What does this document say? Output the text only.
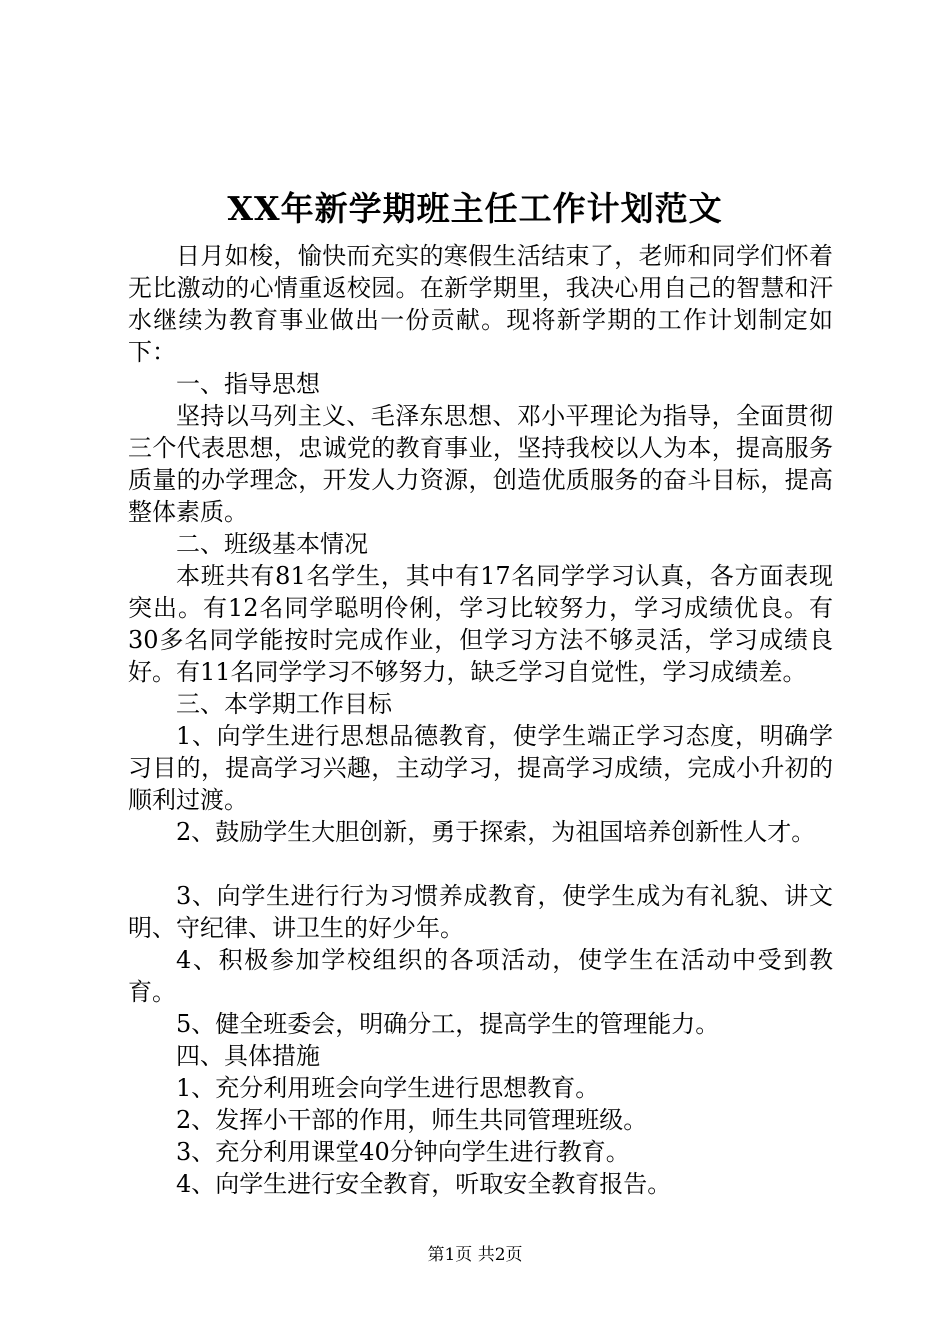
XX年新学期班主任工作计划范文

日月如梭，愉快而充实的寒假生活结束了，老师和同学们怀着无比激动的心情重返校园。在新学期里，我决心用自己的智慧和汗水继续为教育事业做出一份贡献。现将新学期的工作计划制定如下：

一、指导思想

坚持以马列主义、毛泽东思想、邓小平理论为指导，全面贯彻三个代表思想，忠诚党的教育事业，坚持我校以人为本，提高服务质量的办学理念，开发人力资源，创造优质服务的奋斗目标，提高整体素质。

二、班级基本情况

本班共有81名学生，其中有17名同学学习认真，各方面表现突出。有12名同学聪明伶俐，学习比较努力，学习成绩优良。有30多名同学能按时完成作业，但学习方法不够灵活，学习成绩良好。有11名同学学习不够努力，缺乏学习自觉性，学习成绩差。

三、本学期工作目标

1、向学生进行思想品德教育，使学生端正学习态度，明确学习目的，提高学习兴趣，主动学习，提高学习成绩，完成小升初的顺利过渡。

2、鼓励学生大胆创新，勇于探索，为祖国培养创新性人才。

3、向学生进行行为习惯养成教育，使学生成为有礼貌、讲文明、守纪律、讲卫生的好少年。

4、积极参加学校组织的各项活动，使学生在活动中受到教育。

5、健全班委会，明确分工，提高学生的管理能力。

四、具体措施

1、充分利用班会向学生进行思想教育。

2、发挥小干部的作用，师生共同管理班级。

3、充分利用课堂40分钟向学生进行教育。

4、向学生进行安全教育，听取安全教育报告。

第1页 共2页
